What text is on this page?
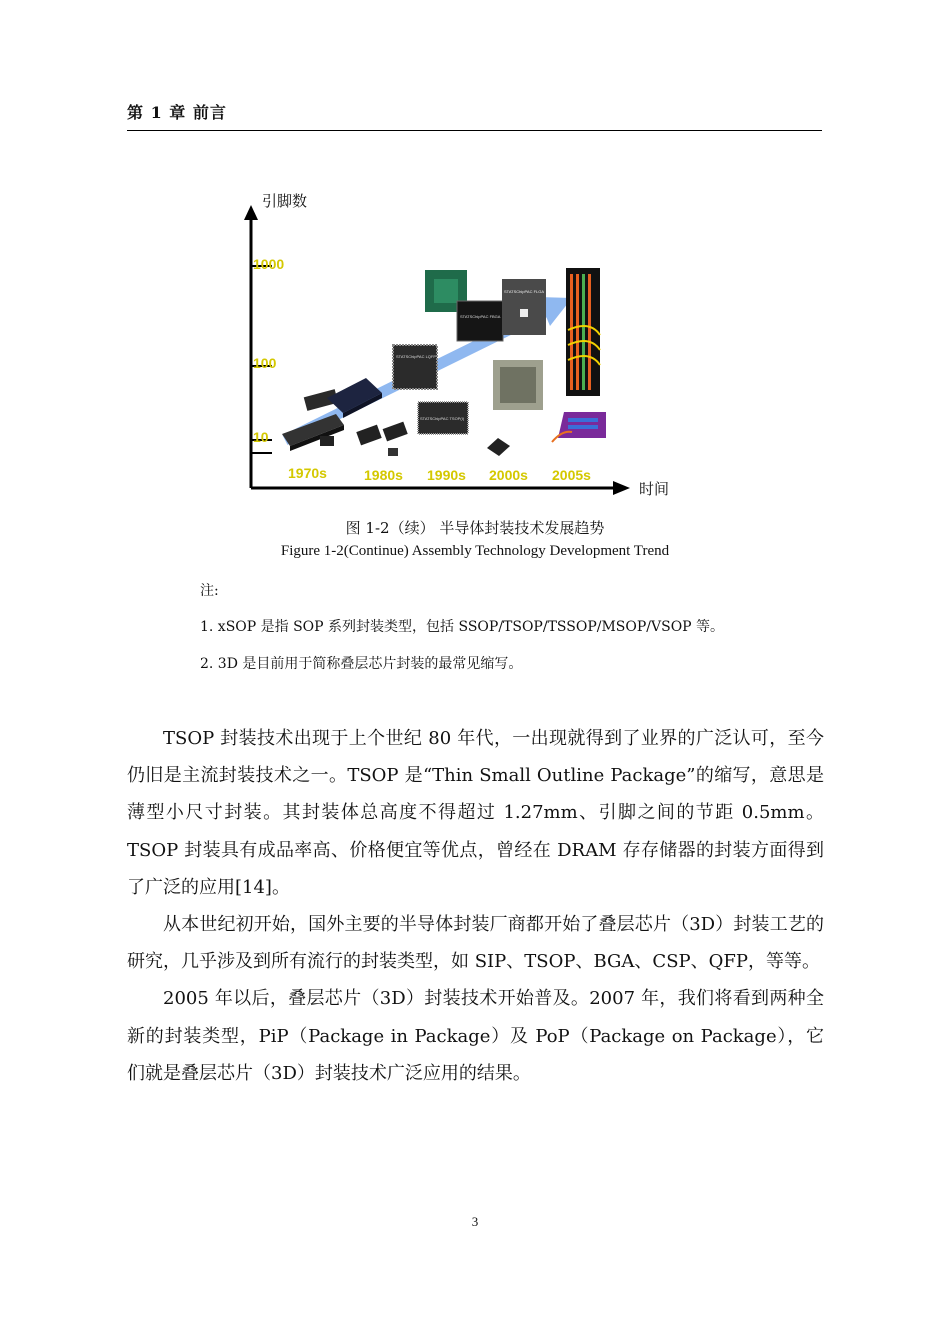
第 1 章 前言
引脚数
时间
1000
100
10
1970s	1980s 1990s 2000s 2005s
STATSChipPAC LQFP
STATSChipPAC TSOP(I)
STATSChipPAC FBGA
STATSChipPAC FLGA
图 1-2（续） 半导体封装技术发展趋势
Figure 1-2(Continue) Assembly Technology Development Trend
注:
1. xSOP 是指 SOP 系列封装类型，包括 SSOP/TSOP/TSSOP/MSOP/VSOP 等。
2. 3D 是目前用于简称叠层芯片封装的最常见缩写。

TSOP 封装技术出现于上个世纪 80 年代，一出现就得到了业界的广泛认可，至今仍旧是主流封装技术之一。TSOP 是“Thin Small Outline Package”的缩写，意思是薄型小尺寸封装。其封装体总高度不得超过 1.27mm、引脚之间的节距 0.5mm。TSOP 封装具有成品率高、价格便宜等优点，曾经在 DRAM 存存储器的封装方面得到了广泛的应用[14]。

从本世纪初开始，国外主要的半导体封装厂商都开始了叠层芯片（3D）封装工艺的研究，几乎涉及到所有流行的封装类型，如 SIP、TSOP、BGA、CSP、QFP，等等。

2005 年以后，叠层芯片（3D）封装技术开始普及。2007 年，我们将看到两种全新的封装类型，PiP（Package in Package）及 PoP（Package on Package），它们就是叠层芯片（3D）封装技术广泛应用的结果。

3
